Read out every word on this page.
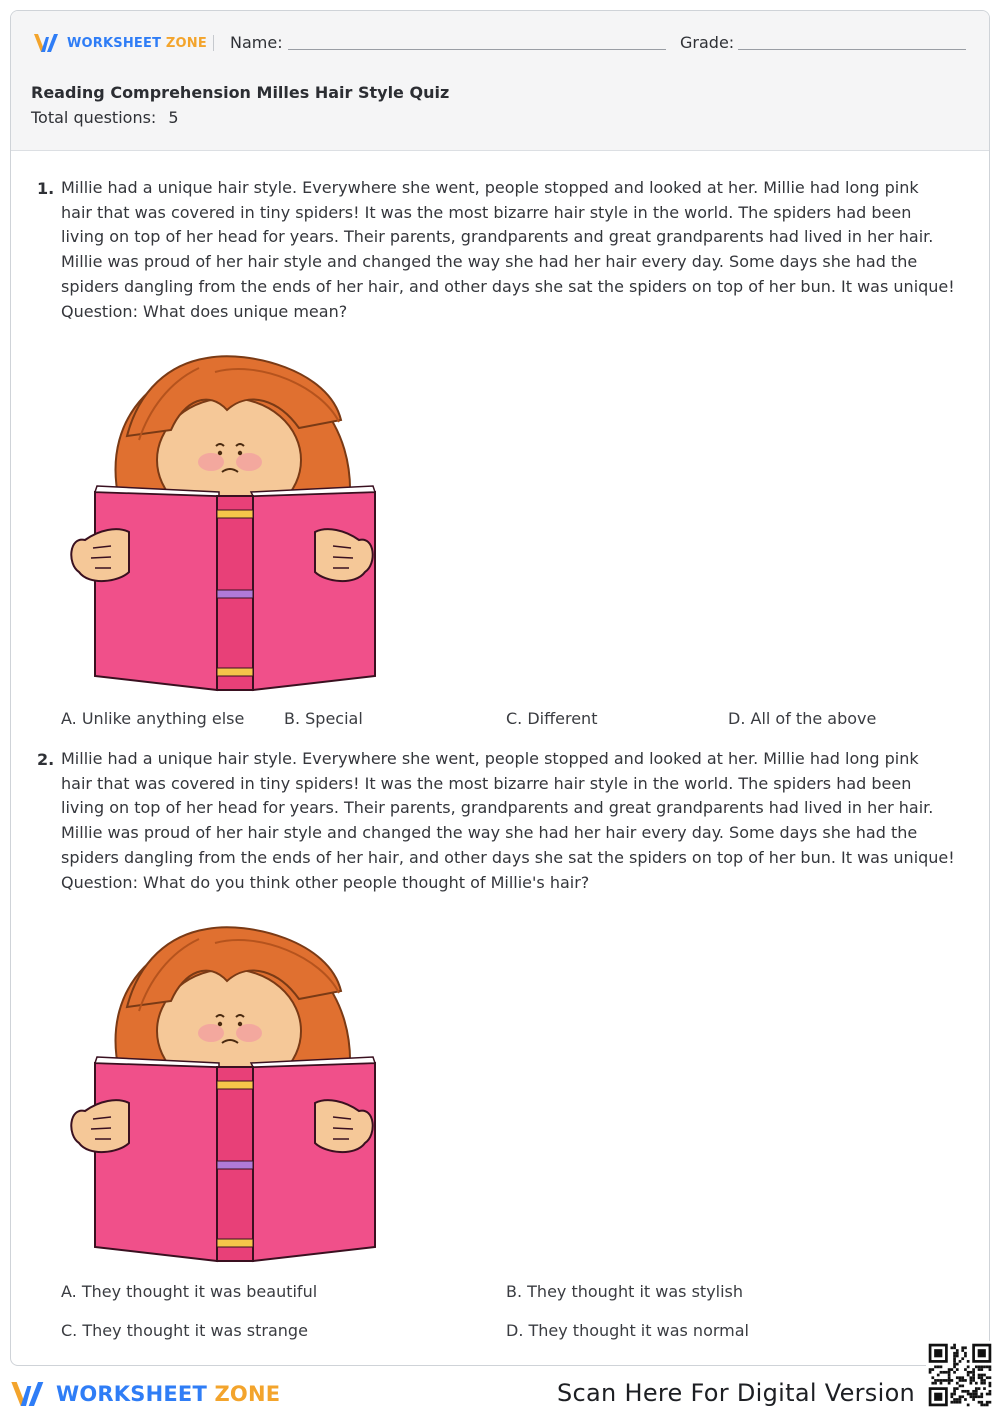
WORKSHEET ZONE Name:	Grade:
Reading Comprehension Milles Hair Style Quiz
Total questions: 5
1. Millie had a unique hair style. Everywhere she went, people stopped and looked at her. Millie had long pink
hair that was covered in tiny spiders! It was the most bizarre hair style in the world. The spiders had been
living on top of her head for years. Their parents, grandparents and great grandparents had lived in her hair.
Millie was proud of her hair style and changed the way she had her hair every day. Some days she had the
spiders dangling from the ends of her hair, and other days she sat the spiders on top of her bun. It was unique!
Question: What does unique mean?
A. Unlike anything else B. Special	C. Different	D. All of the above
2. Millie had a unique hair style. Everywhere she went, people stopped and looked at her. Millie had long pink
hair that was covered in tiny spiders! It was the most bizarre hair style in the world. The spiders had been
living on top of her head for years. Their parents, grandparents and great grandparents had lived in her hair.
Millie was proud of her hair style and changed the way she had her hair every day. Some days she had the
spiders dangling from the ends of her hair, and other days she sat the spiders on top of her bun. It was unique!
Question: What do you think other people thought of Millie's hair?
A. They thought it was beautiful	B. They thought it was stylish
C. They thought it was strange	D. They thought it was normal
WORKSHEET ZONE	Scan Here For Digital Version
